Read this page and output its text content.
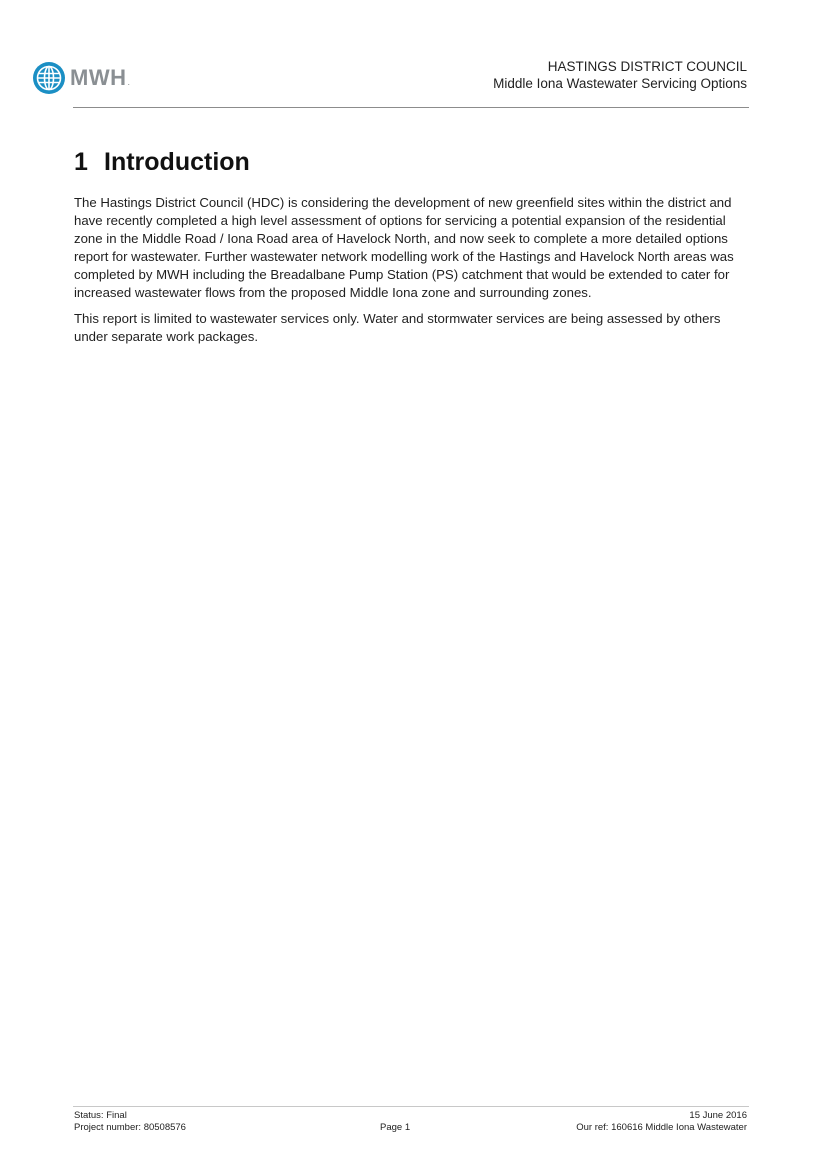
MWH .
HASTINGS DISTRICT COUNCIL
Middle Iona Wastewater Servicing Options
1 Introduction

The Hastings District Council (HDC) is considering the development of new greenfield sites within the district and have recently completed a high level assessment of options for servicing a potential expansion of the residential zone in the Middle Road / Iona Road area of Havelock North, and now seek to complete a more detailed options report for wastewater. Further wastewater network modelling work of the Hastings and Havelock North areas was completed by MWH including the Breadalbane Pump Station (PS) catchment that would be extended to cater for increased wastewater flows from the proposed Middle Iona zone and surrounding zones.

This report is limited to wastewater services only. Water and stormwater services are being assessed by others under separate work packages.

Status: Final
Project number: 80508576	Page 1
15 June 2016
Our ref: 160616 Middle Iona Wastewater
